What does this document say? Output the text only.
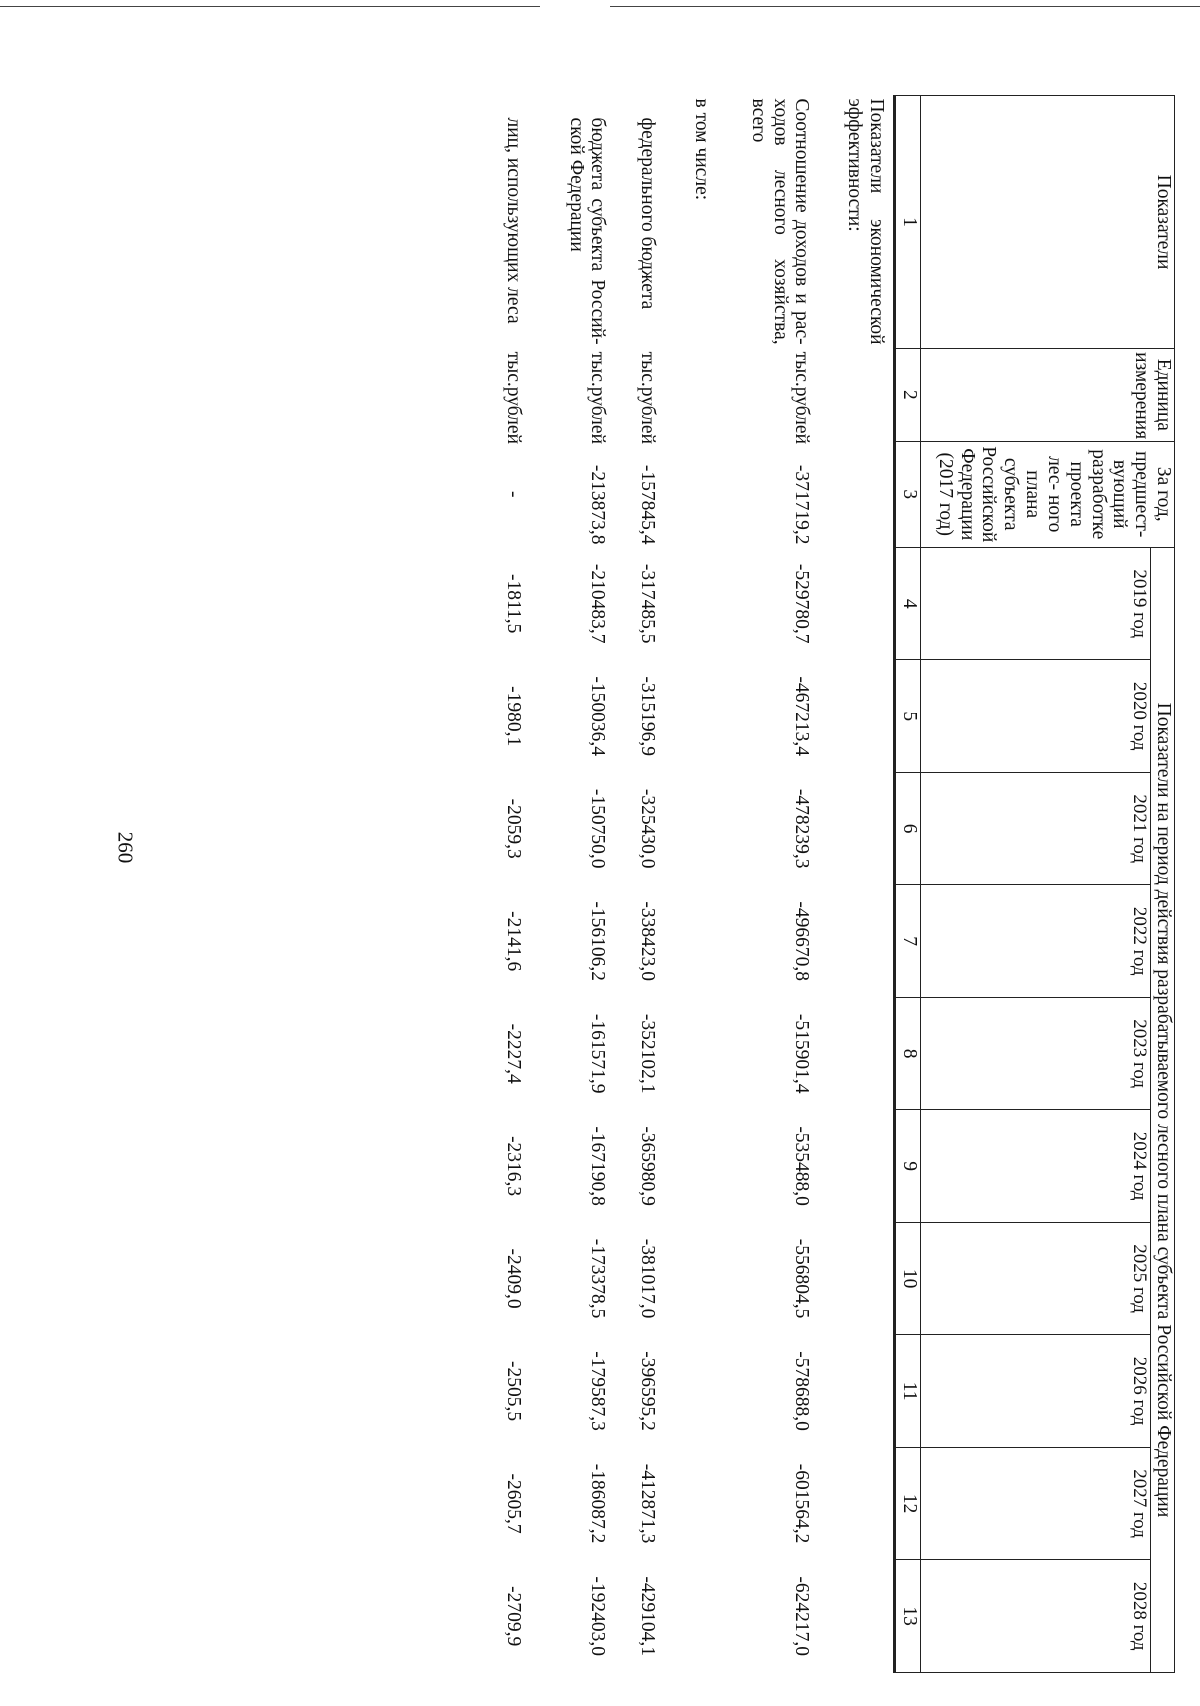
260
Показатели	Единица измерения	За год, предшест- вующий разработке проекта лес- ного плана субъекта Российской Федерации (2017 год)	Показатели на период действия разрабатываемого лесного плана субъекта Российской Федерации									
			2019 год	2020 год	2021 год	2022 год	2023 год	2024 год	2025 год	2026 год	2027 год	2028 год
1	2	3	4	5	6	7	8	9	10	11	12	13
Показатели экономической эффективности:												
Соотношение доходов и рас- ходов лесного хозяйства, всего	тыс.рублей	-371719,2	-529780,7	-467213,4	-478239,3	-496670,8	-515901,4	-535488,0	-556804,5	-578688,0	-601564,2	-624217,0
в том числе:												
федерального бюджета	тыс.рублей	-157845,4	-317485,5	-315196,9	-325430,0	-338423,0	-352102,1	-365980,9	-381017,0	-396595,2	-412871,3	-429104,1
бюджета субъекта Россий- ской Федерации	тыс.рублей	-213873,8	-210483,7	-150036,4	-150750,0	-156106,2	-161571,9	-167190,8	-173378,5	-179587,3	-186087,2	-192403,0
лиц, использующих леса	тыс.рублей	-	-1811,5	-1980,1	-2059,3	-2141,6	-2227,4	-2316,3	-2409,0	-2505,5	-2605,7	-2709,9
